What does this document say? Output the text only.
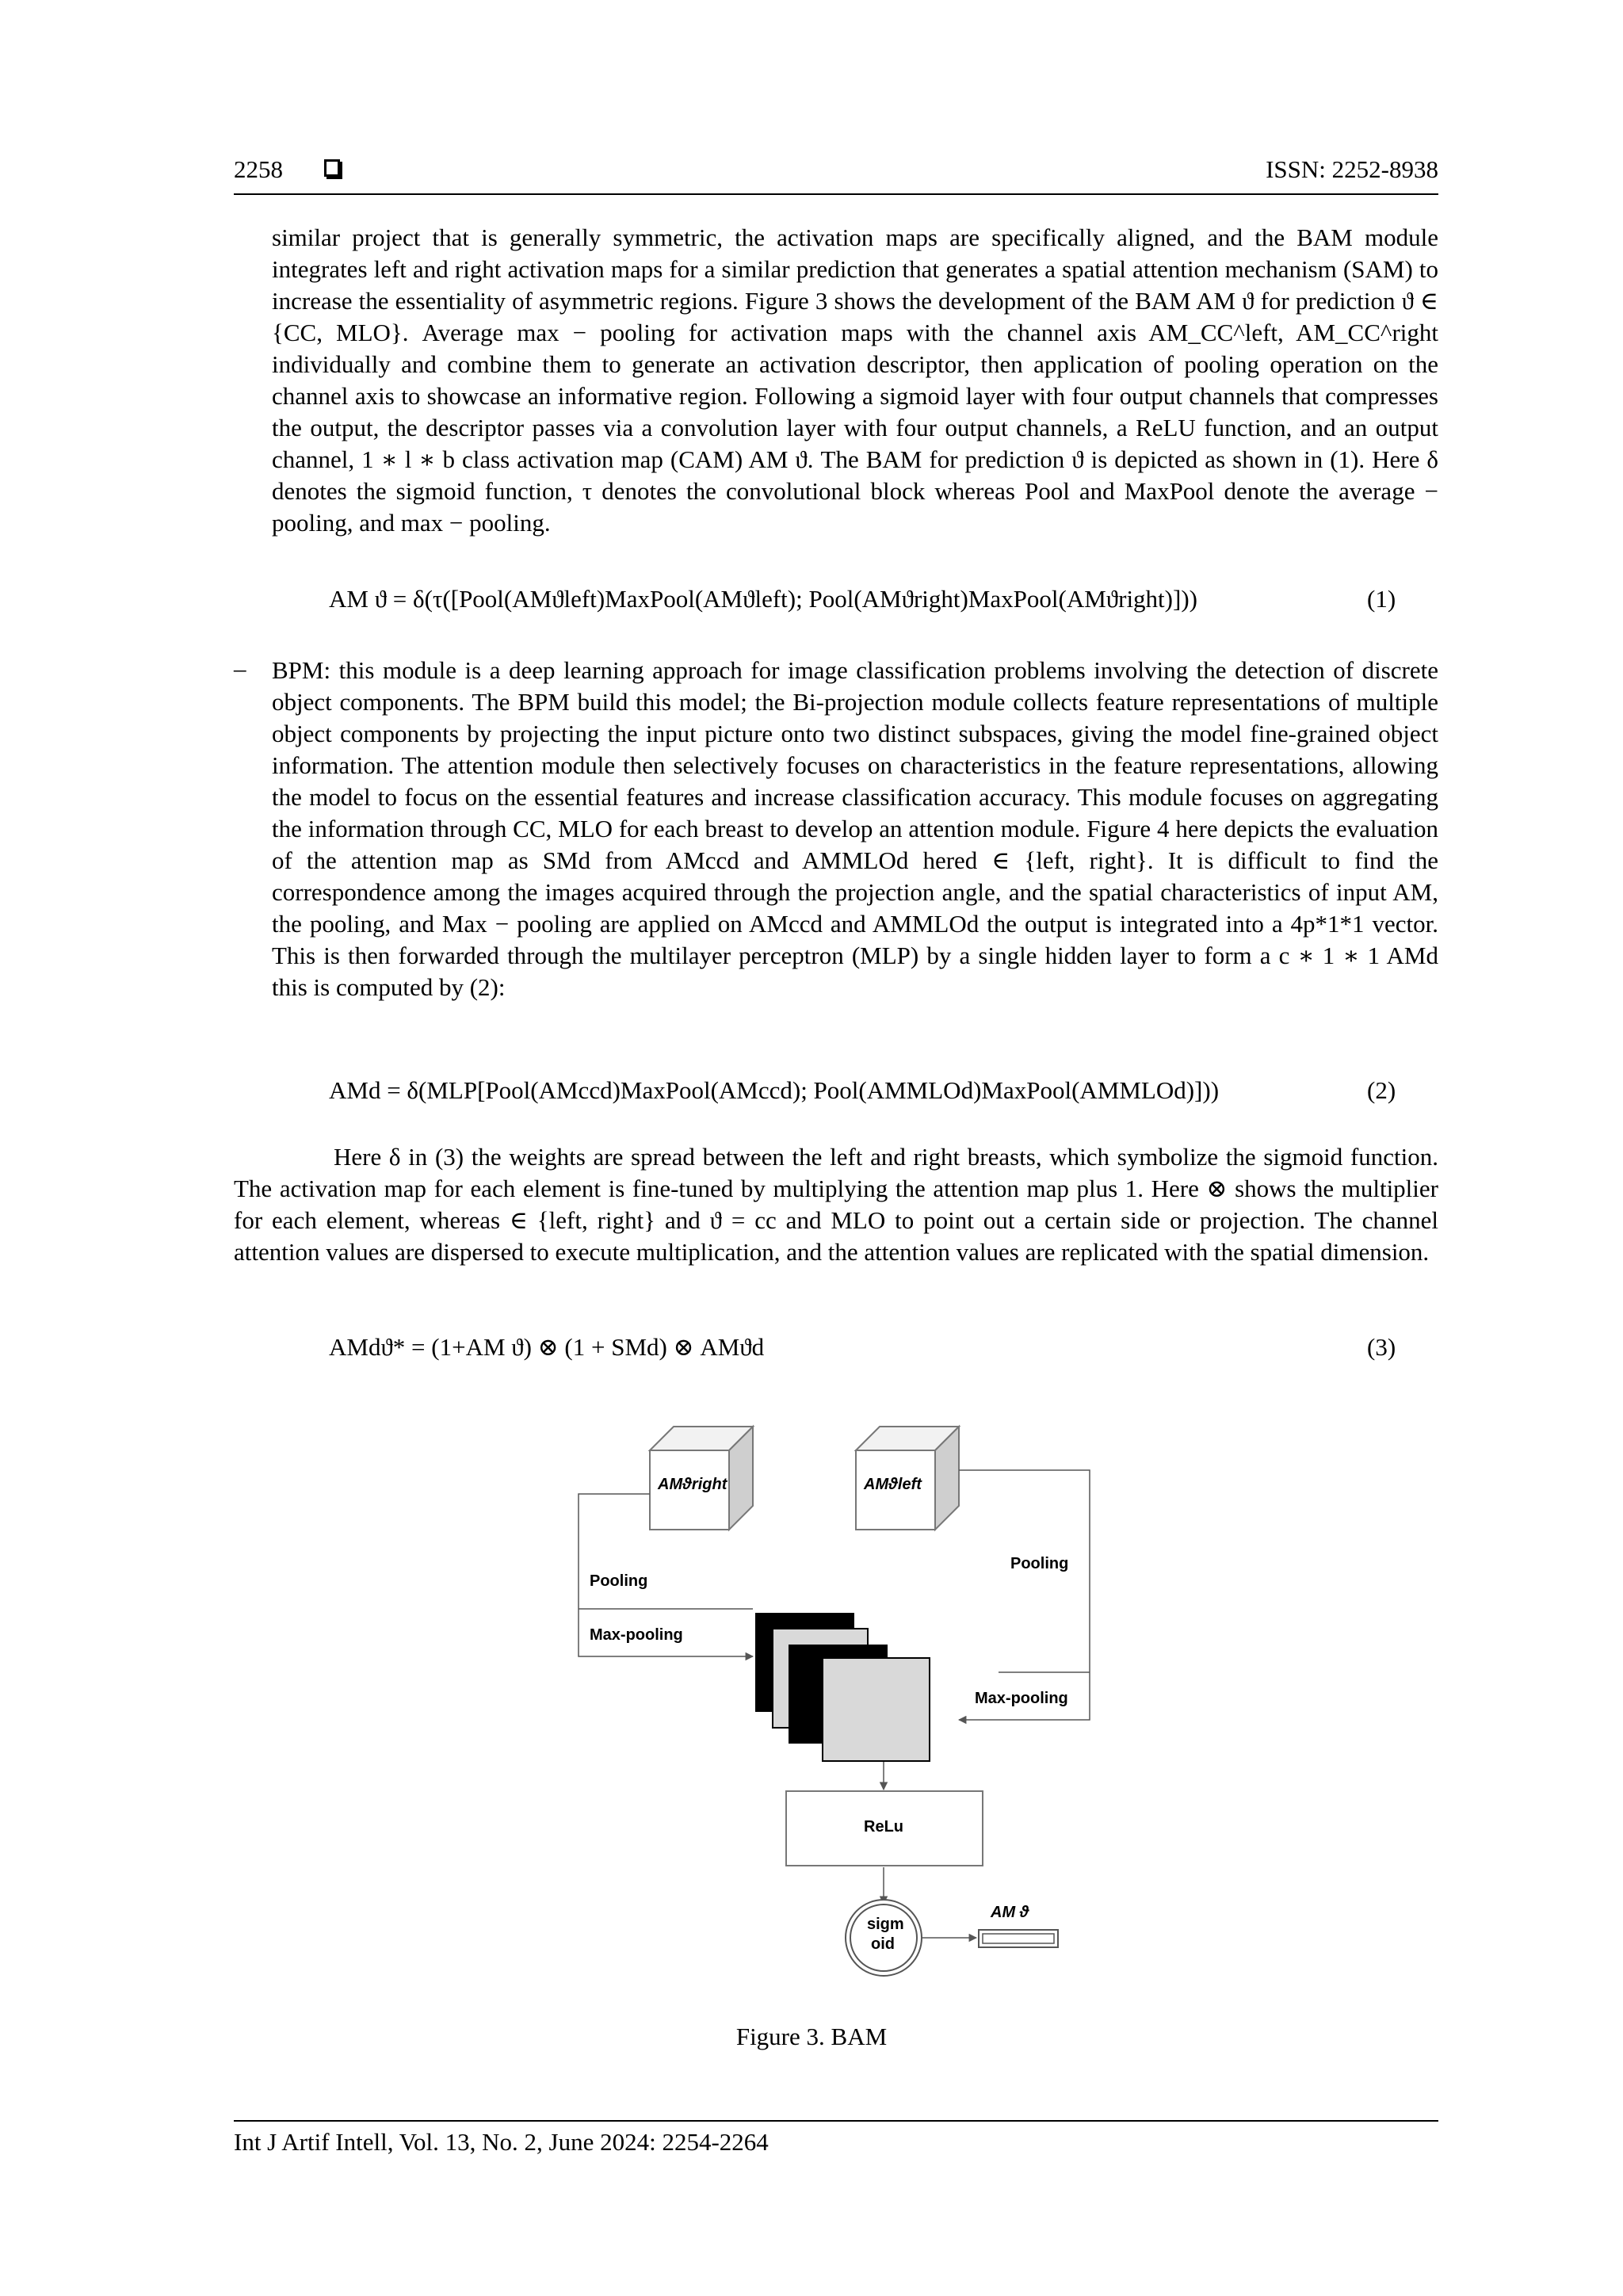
2258	ISSN: 2252-8938

similar project that is generally symmetric, the activation maps are specifically aligned, and the BAM module integrates left and right activation maps for a similar prediction that generates a spatial attention mechanism (SAM) to increase the essentiality of asymmetric regions. Figure 3 shows the development of the BAM AM ϑ for prediction ϑ ∈ {CC, MLO}. Average max − pooling for activation maps with the channel axis AM_CC^left, AM_CC^right individually and combine them to generate an activation descriptor, then application of pooling operation on the channel axis to showcase an informative region. Following a sigmoid layer with four output channels that compresses the output, the descriptor passes via a convolution layer with four output channels, a ReLU function, and an output channel, 1 ∗ l ∗ b class activation map (CAM) AM ϑ. The BAM for prediction ϑ is depicted as shown in (1). Here δ denotes the sigmoid function, τ denotes the convolutional block whereas Pool and MaxPool denote the average − pooling, and max − pooling.

AM ϑ = δ(τ([Pool(AMϑleft)MaxPool(AMϑleft); Pool(AMϑright)MaxPool(AMϑright)]))	(1)
– BPM: this module is a deep learning approach for image classification problems involving the detection of discrete object components. The BPM build this model; the Bi-projection module collects feature representations of multiple object components by projecting the input picture onto two distinct subspaces, giving the model fine-grained object information. The attention module then selectively focuses on characteristics in the feature representations, allowing the model to focus on the essential features and increase classification accuracy. This module focuses on aggregating the information through CC, MLO for each breast to develop an attention module. Figure 4 here depicts the evaluation of the attention map as SMd from AMccd and AMMLOd hered ∈ {left, right}. It is difficult to find the correspondence among the images acquired through the projection angle, and the spatial characteristics of input AM, the pooling, and Max − pooling are applied on AMccd and AMMLOd the output is integrated into a 4p*1*1 vector. This is then forwarded through the multilayer perceptron (MLP) by a single hidden layer to form a c ∗ 1 ∗ 1 AMd this is computed by (2):

AMd = δ(MLP[Pool(AMccd)MaxPool(AMccd); Pool(AMMLOd)MaxPool(AMMLOd)]))	(2)

Here δ in (3) the weights are spread between the left and right breasts, which symbolize the sigmoid function. The activation map for each element is fine-tuned by multiplying the attention map plus 1. Here ⊗ shows the multiplier for each element, whereas ∈ {left, right} and ϑ = cc and MLO to point out a certain side or projection. The channel attention values are dispersed to execute multiplication, and the attention values are replicated with the spatial dimension.

AMdϑ* = (1+AM ϑ) ⊗ (1 + SMd) ⊗ AMϑd	(3)
AMϑright	AMϑleft
Pooling
Pooling
Max-pooling
Max-pooling
ReLu
sigm
oid
AM ϑ
Figure 3. BAM
Int J Artif Intell, Vol. 13, No. 2, June 2024: 2254-2264
